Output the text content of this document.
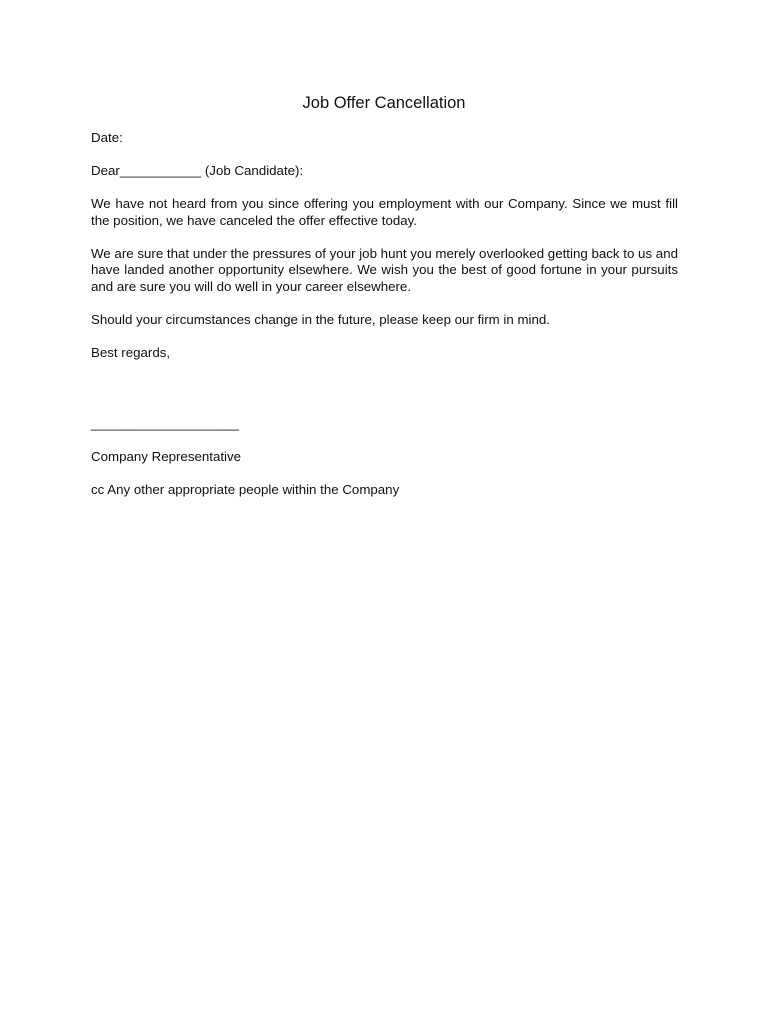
Job Offer Cancellation

Date:

Dear___________ (Job Candidate):

We have not heard from you since offering you employment with our Company. Since we must fill the position, we have canceled the offer effective today.

We are sure that under the pressures of your job hunt you merely overlooked getting back to us and have landed another opportunity elsewhere. We wish you the best of good fortune in your pursuits and are sure you will do well in your career elsewhere.

Should your circumstances change in the future, please keep our firm in mind.

Best regards,

____________________

Company Representative

cc Any other appropriate people within the Company
